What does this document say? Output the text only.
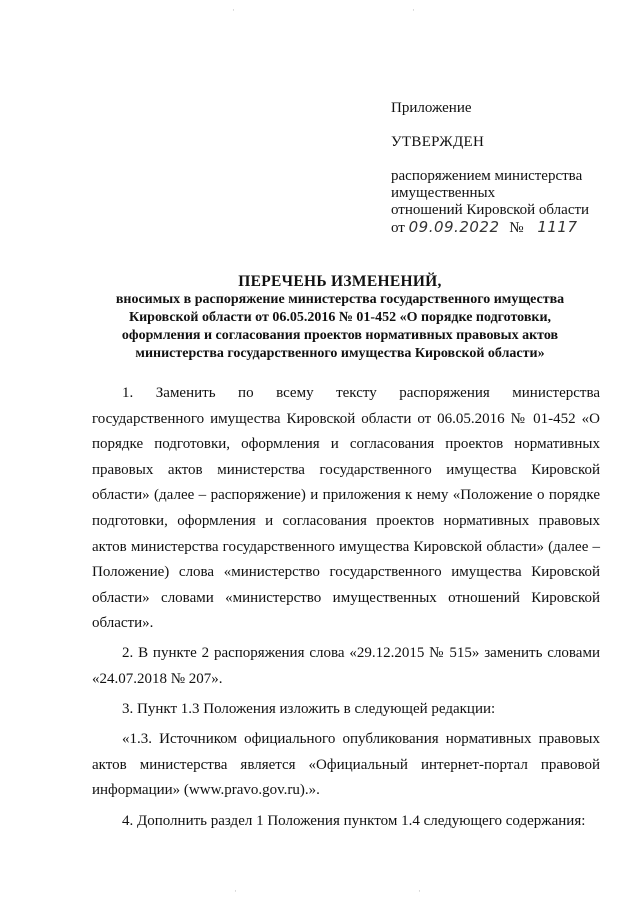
Приложение
УТВЕРЖДЕН
распоряжением министерства
имущественных
отношений Кировской области
от 09.09.2022 № 1117
ПЕРЕЧЕНЬ ИЗМЕНЕНИЙ,
вносимых в распоряжение министерства государственного имущества
Кировской области от 06.05.2016 № 01-452 «О порядке подготовки,
оформления и согласования проектов нормативных правовых актов
министерства государственного имущества Кировской области»

1. Заменить по всему тексту распоряжения министерства государственного имущества Кировской области от 06.05.2016 № 01-452 «О порядке подготовки, оформления и согласования проектов нормативных правовых актов министерства государственного имущества Кировской области» (далее – распоряжение) и приложения к нему «Положение о порядке подготовки, оформления и согласования проектов нормативных правовых актов министерства государственного имущества Кировской области» (далее – Положение) слова «министерство государственного имущества Кировской области» словами «министерство имущественных отношений Кировской области».

2. В пункте 2 распоряжения слова «29.12.2015 № 515» заменить словами «24.07.2018 № 207».

3. Пункт 1.3 Положения изложить в следующей редакции:

«1.3. Источником официального опубликования нормативных правовых актов министерства является «Официальный интернет-портал правовой информации» (www.pravo.gov.ru).».

4. Дополнить раздел 1 Положения пунктом 1.4 следующего содержания:

·	·
·	·
